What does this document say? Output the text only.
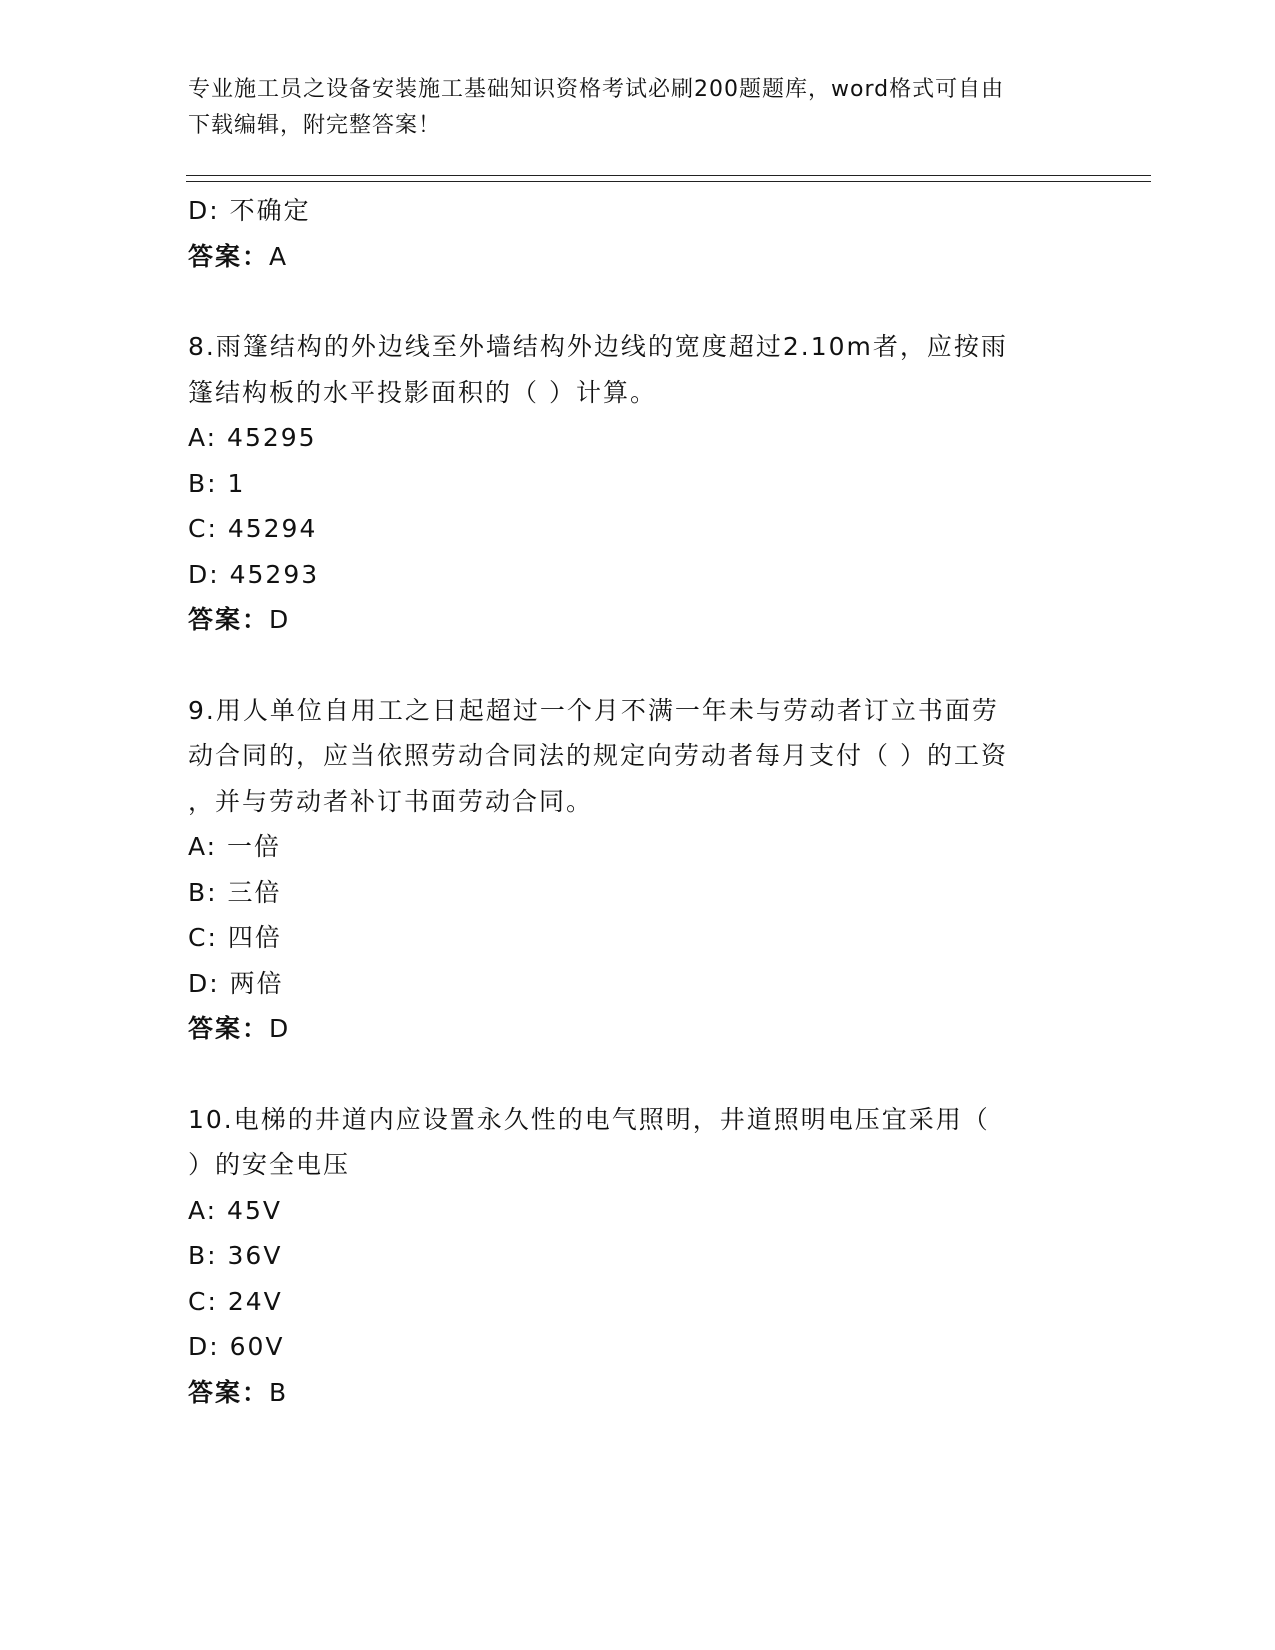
专业施工员之设备安装施工基础知识资格考试必刷200题题库，word格式可自由
下载编辑，附完整答案！
D: 不确定
答案：A
8.雨篷结构的外边线至外墙结构外边线的宽度超过2.10m者，应按雨
篷结构板的水平投影面积的（ ）计算。
A: 45295
B: 1
C: 45294
D: 45293
答案：D
9.用人单位自用工之日起超过一个月不满一年未与劳动者订立书面劳
动合同的，应当依照劳动合同法的规定向劳动者每月支付（ ）的工资
，并与劳动者补订书面劳动合同。
A: 一倍
B: 三倍
C: 四倍
D: 两倍
答案：D
10.电梯的井道内应设置永久性的电气照明，井道照明电压宜采用（
）的安全电压
A: 45V
B: 36V
C: 24V
D: 60V
答案：B
